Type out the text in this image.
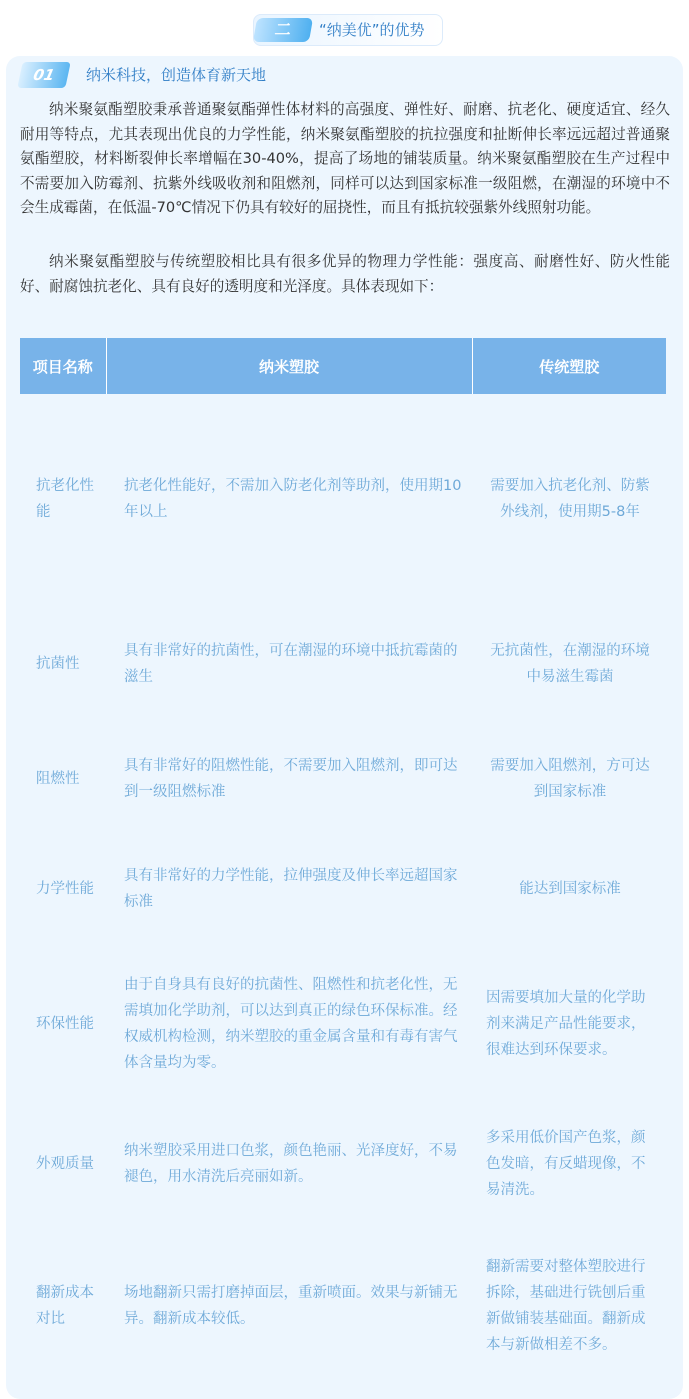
二	“纳美优”的优势
01	纳米科技，创造体育新天地

纳米聚氨酯塑胶秉承普通聚氨酯弹性体材料的高强度、弹性好、耐磨、抗老化、硬度适宜、经久耐用等特点，尤其表现出优良的力学性能，纳米聚氨酯塑胶的抗拉强度和扯断伸长率远远超过普通聚氨酯塑胶，材料断裂伸长率增幅在30-40%，提高了场地的铺装质量。纳米聚氨酯塑胶在生产过程中不需要加入防霉剂、抗紫外线吸收剂和阻燃剂，同样可以达到国家标准一级阻燃，在潮湿的环境中不会生成霉菌，在低温-70℃情况下仍具有较好的屈挠性，而且有抵抗较强紫外线照射功能。

纳米聚氨酯塑胶与传统塑胶相比具有很多优异的物理力学性能：强度高、耐磨性好、防火性能好、耐腐蚀抗老化、具有良好的透明度和光泽度。具体表现如下：

项目名称	纳米塑胶	传统塑胶
抗老化性能	抗老化性能好，不需加入防老化剂等助剂，使用期10年以上	需要加入抗老化剂、防紫外线剂，使用期5-8年
抗菌性	具有非常好的抗菌性，可在潮湿的环境中抵抗霉菌的滋生	无抗菌性，在潮湿的环境中易滋生霉菌
阻燃性	具有非常好的阻燃性能，不需要加入阻燃剂，即可达到一级阻燃标准	需要加入阻燃剂，方可达到国家标准
力学性能	具有非常好的力学性能，拉伸强度及伸长率远超国家标准	能达到国家标准
环保性能	由于自身具有良好的抗菌性、阻燃性和抗老化性，无需填加化学助剂，可以达到真正的绿色环保标准。经权威机构检测，纳米塑胶的重金属含量和有毒有害气体含量均为零。	因需要填加大量的化学助剂来满足产品性能要求，很难达到环保要求。
外观质量	纳米塑胶采用进口色浆，颜色艳丽、光泽度好，不易褪色，用水清洗后亮丽如新。	多采用低价国产色浆，颜色发暗，有反蜡现像，不易清洗。
翻新成本对比	场地翻新只需打磨掉面层，重新喷面。效果与新铺无异。翻新成本较低。	翻新需要对整体塑胶进行拆除，基础进行铣刨后重新做铺装基础面。翻新成本与新做相差不多。
